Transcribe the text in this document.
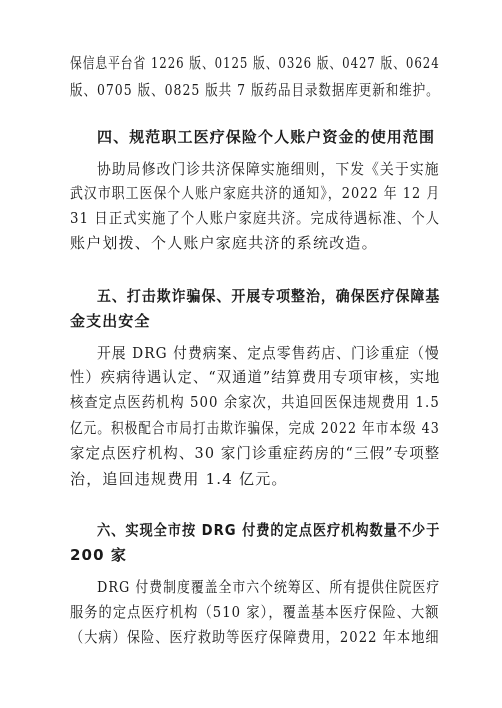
保信息平台省 1226 版、0125 版、0326 版、0427 版、0624
版、0705 版、0825 版共 7 版药品目录数据库更新和维护。
四、规范职工医疗保险个人账户资金的使用范围
协助局修改门诊共济保障实施细则，下发《关于实施
武汉市职工医保个人账户家庭共济的通知》，2022 年 12 月
31 日正式实施了个人账户家庭共济。完成待遇标准、个人
账户划拨、个人账户家庭共济的系统改造。
五、打击欺诈骗保、开展专项整治，确保医疗保障基
金支出安全
开展 DRG 付费病案、定点零售药店、门诊重症（慢
性）疾病待遇认定、“双通道”结算费用专项审核，实地
核查定点医药机构 500 余家次，共追回医保违规费用 1.5
亿元。积极配合市局打击欺诈骗保，完成 2022 年市本级 43
家定点医疗机构、30 家门诊重症药房的“三假”专项整
治，追回违规费用 1.4 亿元。
六、实现全市按 DRG 付费的定点医疗机构数量不少于
200 家
DRG 付费制度覆盖全市六个统筹区、所有提供住院医疗
服务的定点医疗机构（510 家），覆盖基本医疗保险、大额
（大病）保险、医疗救助等医疗保障费用，2022 年本地细
